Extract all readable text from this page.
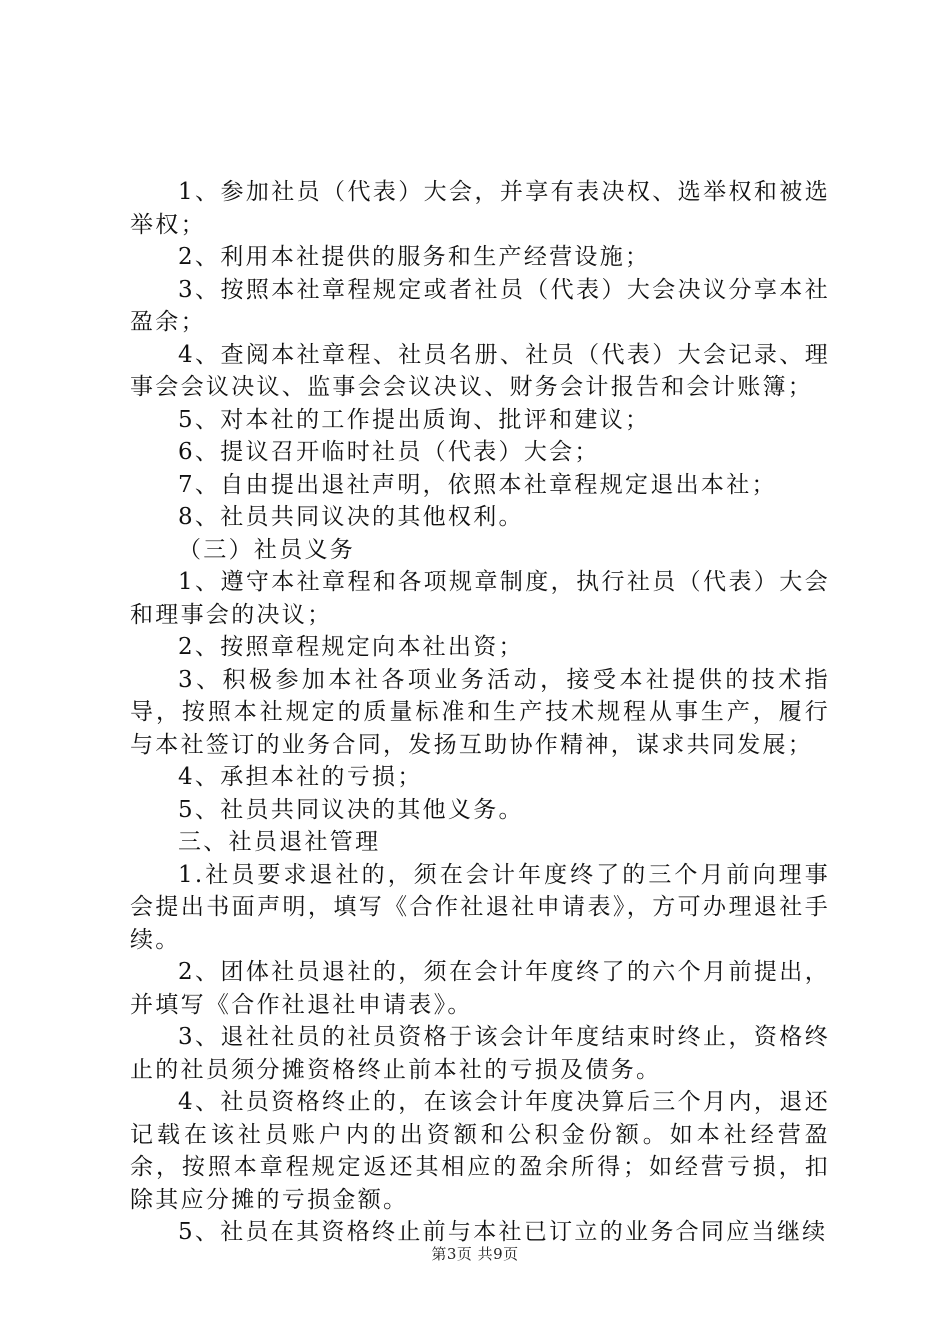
1、参加社员（代表）大会，并享有表决权、选举权和被选举权；

2、利用本社提供的服务和生产经营设施；

3、按照本社章程规定或者社员（代表）大会决议分享本社盈余；

4、查阅本社章程、社员名册、社员（代表）大会记录、理事会会议决议、监事会会议决议、财务会计报告和会计账簿；

5、对本社的工作提出质询、批评和建议；

6、提议召开临时社员（代表）大会；

7、自由提出退社声明，依照本社章程规定退出本社；

8、社员共同议决的其他权利。

（三）社员义务

1、遵守本社章程和各项规章制度，执行社员（代表）大会和理事会的决议；

2、按照章程规定向本社出资；

3、积极参加本社各项业务活动，接受本社提供的技术指导，按照本社规定的质量标准和生产技术规程从事生产，履行与本社签订的业务合同，发扬互助协作精神，谋求共同发展；

4、承担本社的亏损；

5、社员共同议决的其他义务。

三、社员退社管理

1.社员要求退社的，须在会计年度终了的三个月前向理事会提出书面声明，填写《合作社退社申请表》，方可办理退社手续。

2、团体社员退社的，须在会计年度终了的六个月前提出，并填写《合作社退社申请表》。

3、退社社员的社员资格于该会计年度结束时终止，资格终止的社员须分摊资格终止前本社的亏损及债务。

4、社员资格终止的，在该会计年度决算后三个月内，退还记载在该社员账户内的出资额和公积金份额。如本社经营盈余，按照本章程规定返还其相应的盈余所得；如经营亏损，扣除其应分摊的亏损金额。

5、社员在其资格终止前与本社已订立的业务合同应当继续

第3页 共9页
